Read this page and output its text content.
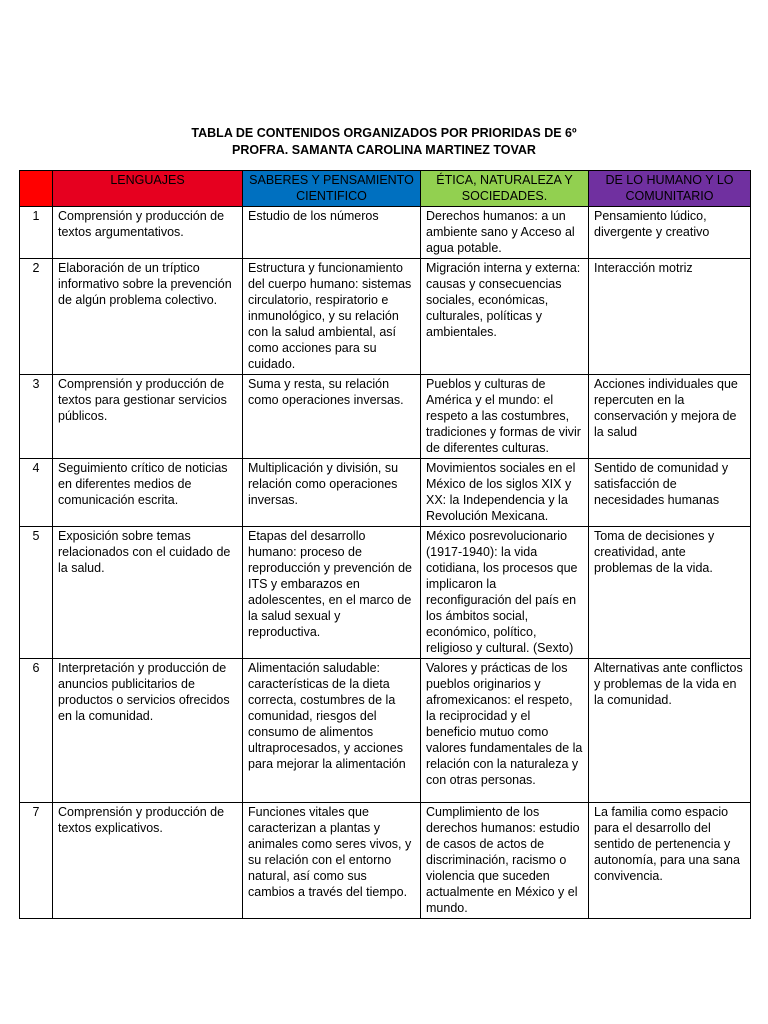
TABLA DE CONTENIDOS ORGANIZADOS POR PRIORIDAS DE 6º
PROFRA. SAMANTA CAROLINA MARTINEZ TOVAR
	LENGUAJES	SABERES Y PENSAMIENTO CIENTIFICO	ÉTICA, NATURALEZA Y SOCIEDADES.	DE LO HUMANO Y LO COMUNITARIO
1	Comprensión y producción de textos argumentativos.	Estudio de los números	Derechos humanos: a un ambiente sano y Acceso al agua potable.	Pensamiento lúdico, divergente y creativo
2	Elaboración de un tríptico informativo sobre la prevención de algún problema colectivo.	Estructura y funcionamiento del cuerpo humano: sistemas circulatorio, respiratorio e inmunológico, y su relación con la salud ambiental, así como acciones para su cuidado.	Migración interna y externa: causas y consecuencias sociales, económicas, culturales, políticas y ambientales.	Interacción motriz
3	Comprensión y producción de textos para gestionar servicios públicos.	Suma y resta, su relación como operaciones inversas.	Pueblos y culturas de América y el mundo: el respeto a las costumbres, tradiciones y formas de vivir de diferentes culturas.	Acciones individuales que repercuten en la conservación y mejora de la salud
4	Seguimiento crítico de noticias en diferentes medios de comunicación escrita.	Multiplicación y división, su relación como operaciones inversas.	Movimientos sociales en el México de los siglos XIX y XX: la Independencia y la Revolución Mexicana.	Sentido de comunidad y satisfacción de necesidades humanas
5	Exposición sobre temas relacionados con el cuidado de la salud.	Etapas del desarrollo humano: proceso de reproducción y prevención de ITS y embarazos en adolescentes, en el marco de la salud sexual y reproductiva.	México posrevolucionario (1917-1940): la vida cotidiana, los procesos que implicaron la reconfiguración del país en los ámbitos social, económico, político, religioso y cultural. (Sexto)	Toma de decisiones y creatividad, ante problemas de la vida.
6	Interpretación y producción de anuncios publicitarios de productos o servicios ofrecidos en la comunidad.	Alimentación saludable: características de la dieta correcta, costumbres de la comunidad, riesgos del consumo de alimentos ultraprocesados, y acciones para mejorar la alimentación	Valores y prácticas de los pueblos originarios y afromexicanos: el respeto, la reciprocidad y el beneficio mutuo como valores fundamentales de la relación con la naturaleza y con otras personas.	Alternativas ante conflictos y problemas de la vida en la comunidad.
7	Comprensión y producción de textos explicativos.	Funciones vitales que caracterizan a plantas y animales como seres vivos, y su relación con el entorno natural, así como sus cambios a través del tiempo.	Cumplimiento de los derechos humanos: estudio de casos de actos de discriminación, racismo o violencia que suceden actualmente en México y el mundo.	La familia como espacio para el desarrollo del sentido de pertenencia y autonomía, para una sana convivencia.
